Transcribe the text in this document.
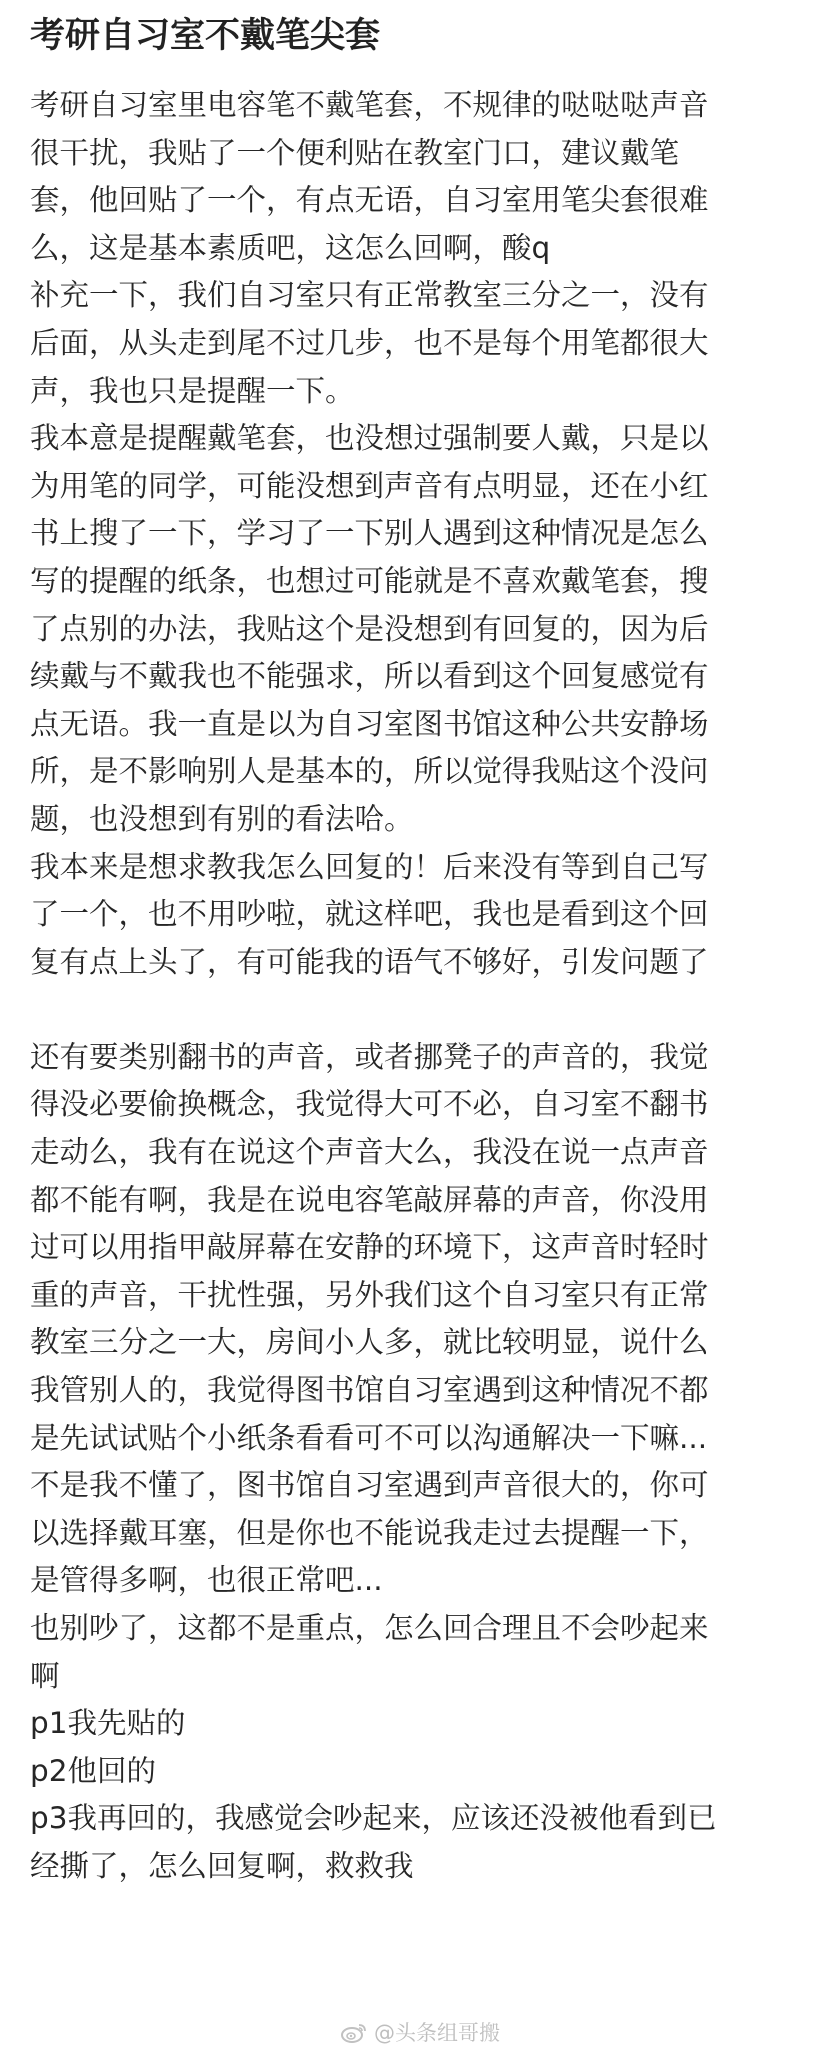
考研自习室不戴笔尖套
考研自习室里电容笔不戴笔套，不规律的哒哒哒声音
很干扰，我贴了一个便利贴在教室门口，建议戴笔
套，他回贴了一个，有点无语，自习室用笔尖套很难
么，这是基本素质吧，这怎么回啊，酸q
补充一下，我们自习室只有正常教室三分之一，没有
后面，从头走到尾不过几步，也不是每个用笔都很大
声，我也只是提醒一下。
我本意是提醒戴笔套，也没想过强制要人戴，只是以
为用笔的同学，可能没想到声音有点明显，还在小红
书上搜了一下，学习了一下别人遇到这种情况是怎么
写的提醒的纸条，也想过可能就是不喜欢戴笔套，搜
了点别的办法，我贴这个是没想到有回复的，因为后
续戴与不戴我也不能强求，所以看到这个回复感觉有
点无语。我一直是以为自习室图书馆这种公共安静场
所，是不影响别人是基本的，所以觉得我贴这个没问
题，也没想到有别的看法哈。
我本来是想求教我怎么回复的！后来没有等到自己写
了一个，也不用吵啦，就这样吧，我也是看到这个回
复有点上头了，有可能我的语气不够好，引发问题了
还有要类别翻书的声音，或者挪凳子的声音的，我觉
得没必要偷换概念，我觉得大可不必，自习室不翻书
走动么，我有在说这个声音大么，我没在说一点声音
都不能有啊，我是在说电容笔敲屏幕的声音，你没用
过可以用指甲敲屏幕在安静的环境下，这声音时轻时
重的声音，干扰性强，另外我们这个自习室只有正常
教室三分之一大，房间小人多，就比较明显，说什么
我管别人的，我觉得图书馆自习室遇到这种情况不都
是先试试贴个小纸条看看可不可以沟通解决一下嘛...
不是我不懂了，图书馆自习室遇到声音很大的，你可
以选择戴耳塞，但是你也不能说我走过去提醒一下，
是管得多啊，也很正常吧...
也别吵了，这都不是重点，怎么回合理且不会吵起来
啊
p1我先贴的
p2他回的
p3我再回的，我感觉会吵起来，应该还没被他看到已
经撕了，怎么回复啊，救救我
@头条组哥搬
